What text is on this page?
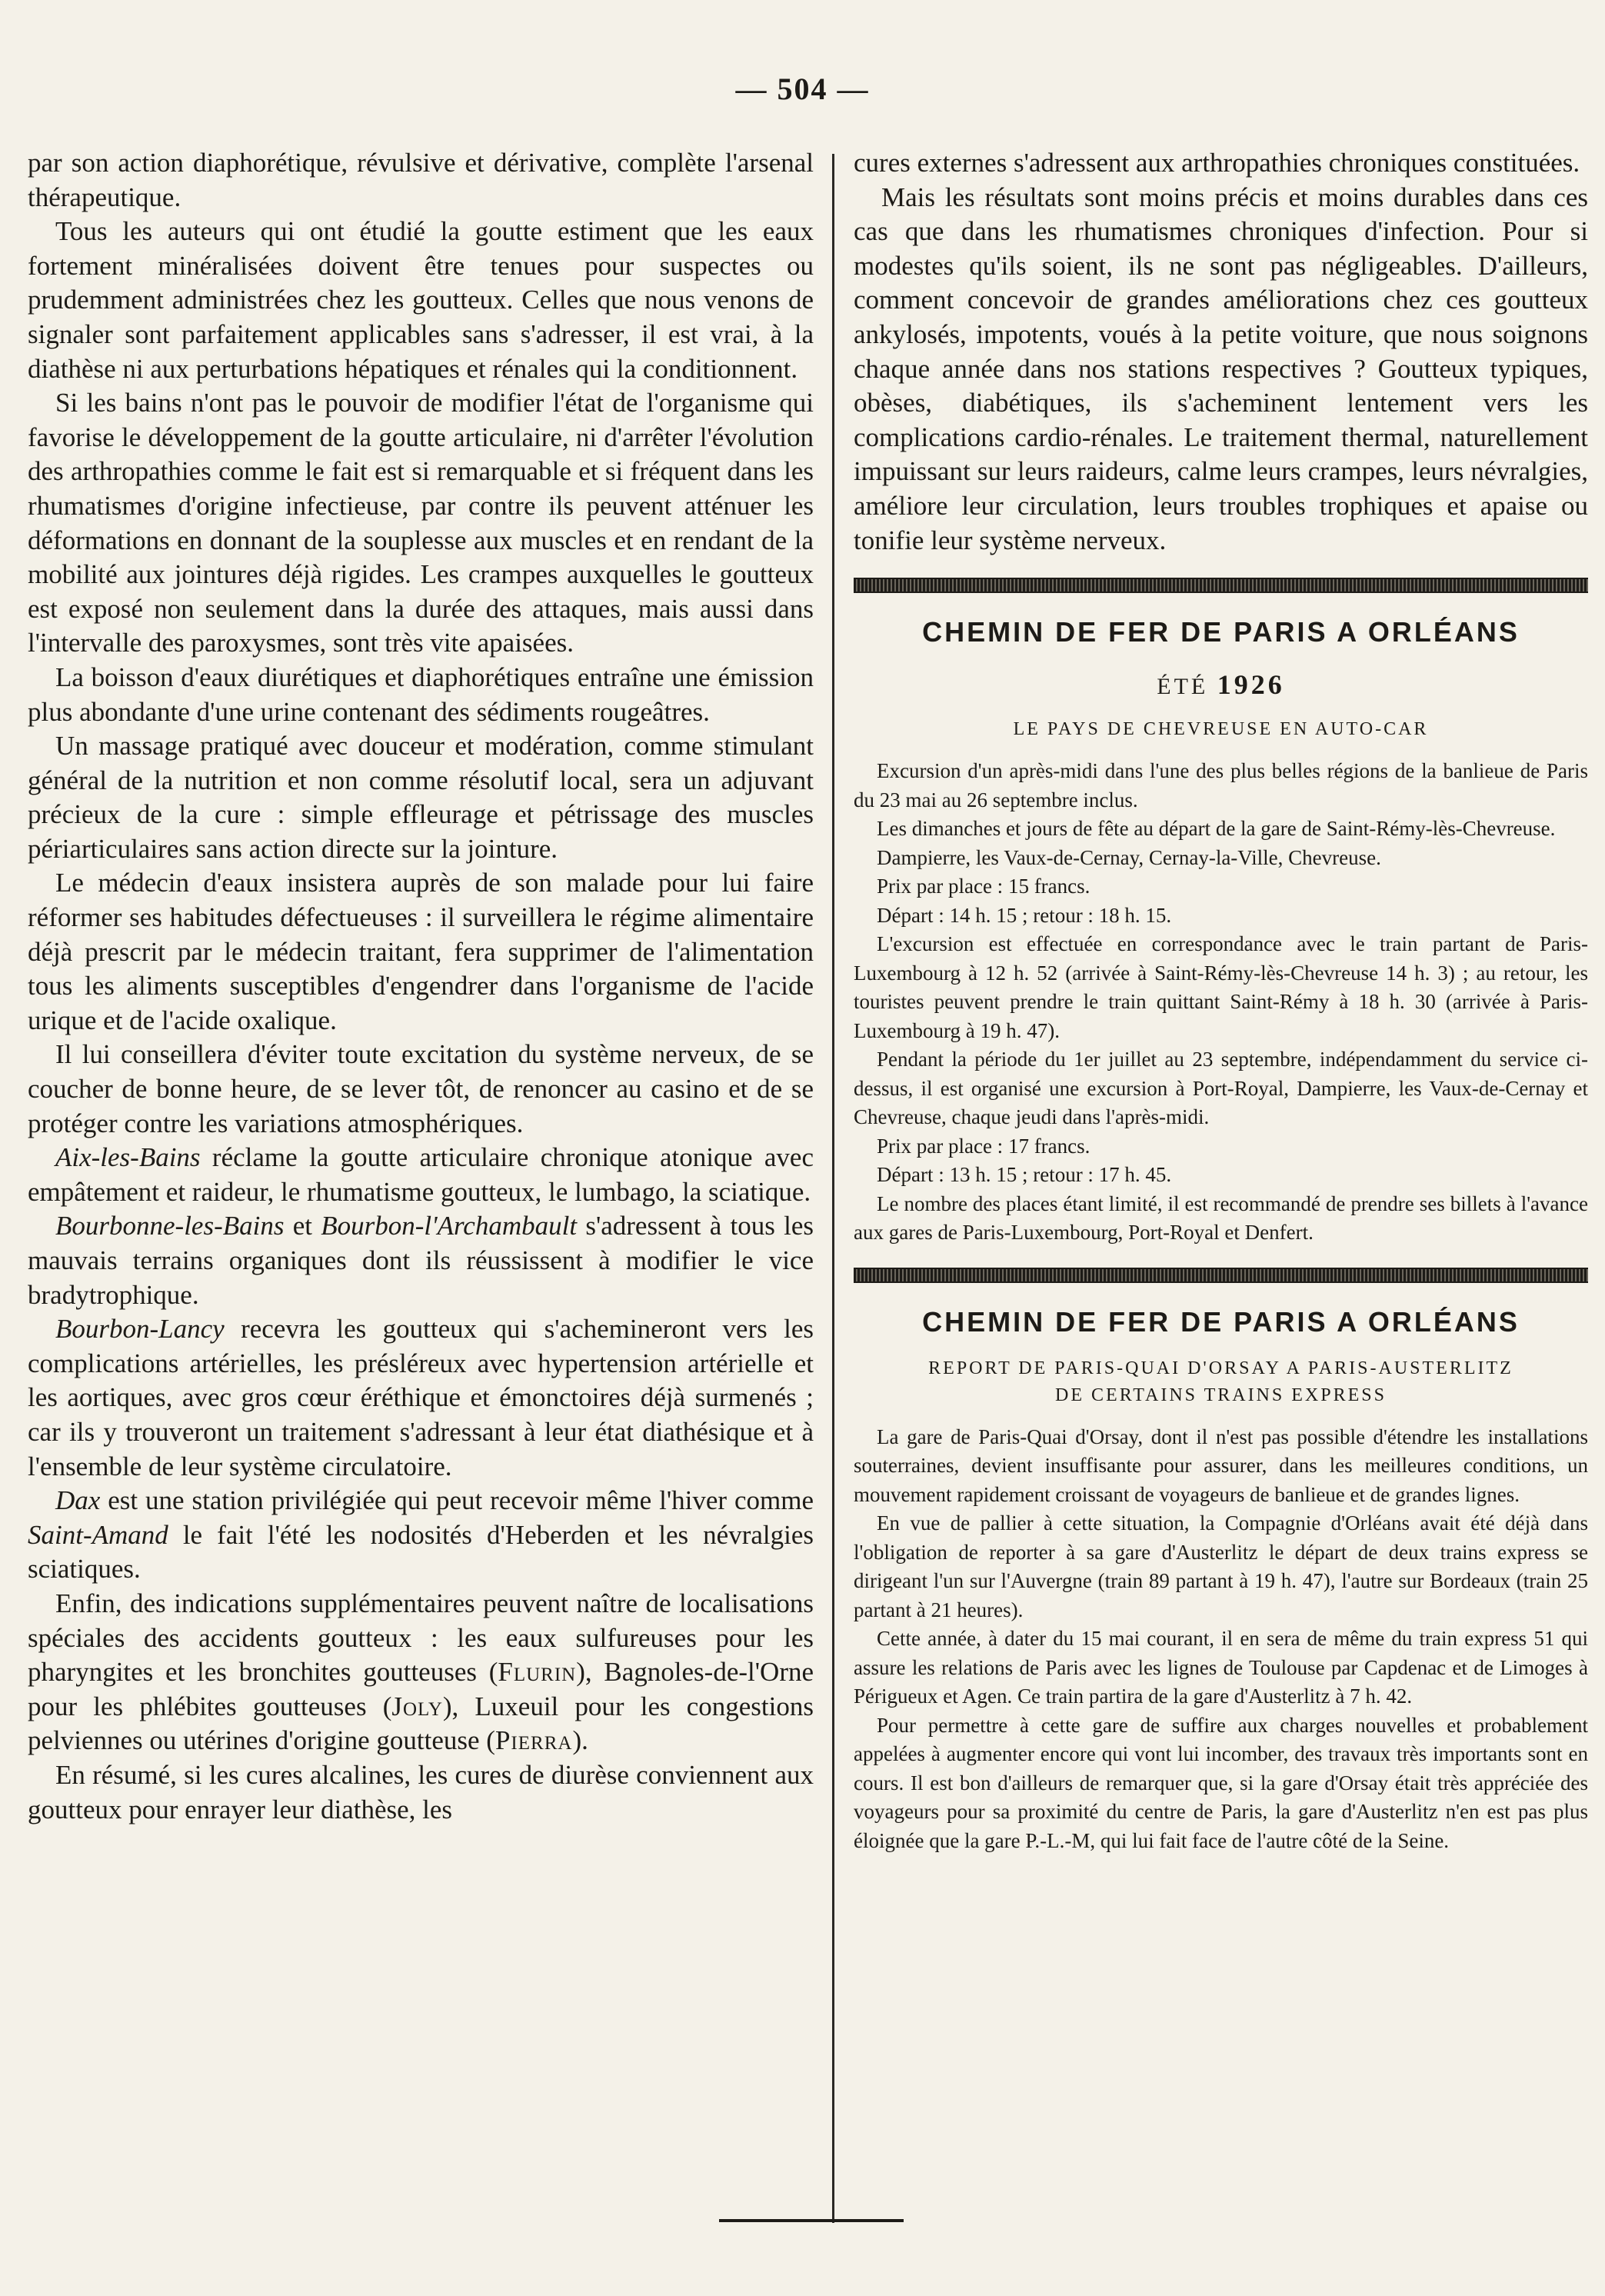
— 504 —

par son action diaphorétique, révulsive et dérivative, complète l'arsenal thérapeutique.

Tous les auteurs qui ont étudié la goutte estiment que les eaux fortement minéralisées doivent être tenues pour suspectes ou prudemment administrées chez les goutteux. Celles que nous venons de signaler sont parfaitement applicables sans s'adresser, il est vrai, à la diathèse ni aux perturbations hépatiques et rénales qui la conditionnent.

Si les bains n'ont pas le pouvoir de modifier l'état de l'organisme qui favorise le développement de la goutte articulaire, ni d'arrêter l'évolution des arthropathies comme le fait est si remarquable et si fréquent dans les rhumatismes d'origine infectieuse, par contre ils peuvent atténuer les déformations en donnant de la souplesse aux muscles et en rendant de la mobilité aux jointures déjà rigides. Les crampes auxquelles le goutteux est exposé non seulement dans la durée des attaques, mais aussi dans l'intervalle des paroxysmes, sont très vite apaisées.

La boisson d'eaux diurétiques et diaphorétiques entraîne une émission plus abondante d'une urine contenant des sédiments rougeâtres.

Un massage pratiqué avec douceur et modération, comme stimulant général de la nutrition et non comme résolutif local, sera un adjuvant précieux de la cure : simple effleurage et pétrissage des muscles périarticulaires sans action directe sur la jointure.

Le médecin d'eaux insistera auprès de son malade pour lui faire réformer ses habitudes défectueuses : il surveillera le régime alimentaire déjà prescrit par le médecin traitant, fera supprimer de l'alimentation tous les aliments susceptibles d'engendrer dans l'organisme de l'acide urique et de l'acide oxalique.

Il lui conseillera d'éviter toute excitation du système nerveux, de se coucher de bonne heure, de se lever tôt, de renoncer au casino et de se protéger contre les variations atmosphériques.

Aix-les-Bains réclame la goutte articulaire chronique atonique avec empâtement et raideur, le rhumatisme goutteux, le lumbago, la sciatique.

Bourbonne-les-Bains et Bourbon-l'Archambault s'adressent à tous les mauvais terrains organiques dont ils réussissent à modifier le vice bradytrophique.

Bourbon-Lancy recevra les goutteux qui s'achemineront vers les complications artérielles, les présléreux avec hypertension artérielle et les aortiques, avec gros cœur éréthique et émonctoires déjà surmenés ; car ils y trouveront un traitement s'adressant à leur état diathésique et à l'ensemble de leur système circulatoire.

Dax est une station privilégiée qui peut recevoir même l'hiver comme Saint-Amand le fait l'été les nodosités d'Heberden et les névralgies sciatiques.

Enfin, des indications supplémentaires peuvent naître de localisations spéciales des accidents goutteux : les eaux sulfureuses pour les pharyngites et les bronchites goutteuses (Flurin), Bagnoles-de-l'Orne pour les phlébites goutteuses (Joly), Luxeuil pour les congestions pelviennes ou utérines d'origine goutteuse (Pierra).

En résumé, si les cures alcalines, les cures de diurèse conviennent aux goutteux pour enrayer leur diathèse, les

cures externes s'adressent aux arthropathies chroniques constituées.

Mais les résultats sont moins précis et moins durables dans ces cas que dans les rhumatismes chroniques d'infection. Pour si modestes qu'ils soient, ils ne sont pas négligeables. D'ailleurs, comment concevoir de grandes améliorations chez ces goutteux ankylosés, impotents, voués à la petite voiture, que nous soignons chaque année dans nos stations respectives ? Goutteux typiques, obèses, diabétiques, ils s'acheminent lentement vers les complications cardio-rénales. Le traitement thermal, naturellement impuissant sur leurs raideurs, calme leurs crampes, leurs névralgies, améliore leur circulation, leurs troubles trophiques et apaise ou tonifie leur système nerveux.

CHEMIN DE FER DE PARIS A ORLÉANS
ÉTÉ 1926
LE PAYS DE CHEVREUSE EN AUTO-CAR

Excursion d'un après-midi dans l'une des plus belles régions de la banlieue de Paris du 23 mai au 26 septembre inclus.

Les dimanches et jours de fête au départ de la gare de Saint-Rémy-lès-Chevreuse.

Dampierre, les Vaux-de-Cernay, Cernay-la-Ville, Chevreuse.

Prix par place : 15 francs.

Départ : 14 h. 15 ; retour : 18 h. 15.

L'excursion est effectuée en correspondance avec le train partant de Paris-Luxembourg à 12 h. 52 (arrivée à Saint-Rémy-lès-Chevreuse 14 h. 3) ; au retour, les touristes peuvent prendre le train quittant Saint-Rémy à 18 h. 30 (arrivée à Paris-Luxembourg à 19 h. 47).

Pendant la période du 1er juillet au 23 septembre, indépendamment du service ci-dessus, il est organisé une excursion à Port-Royal, Dampierre, les Vaux-de-Cernay et Chevreuse, chaque jeudi dans l'après-midi.

Prix par place : 17 francs.

Départ : 13 h. 15 ; retour : 17 h. 45.

Le nombre des places étant limité, il est recommandé de prendre ses billets à l'avance aux gares de Paris-Luxembourg, Port-Royal et Denfert.

CHEMIN DE FER DE PARIS A ORLÉANS
REPORT DE PARIS-QUAI D'ORSAY A PARIS-AUSTERLITZ
DE CERTAINS TRAINS EXPRESS

La gare de Paris-Quai d'Orsay, dont il n'est pas possible d'étendre les installations souterraines, devient insuffisante pour assurer, dans les meilleures conditions, un mouvement rapidement croissant de voyageurs de banlieue et de grandes lignes.

En vue de pallier à cette situation, la Compagnie d'Orléans avait été déjà dans l'obligation de reporter à sa gare d'Austerlitz le départ de deux trains express se dirigeant l'un sur l'Auvergne (train 89 partant à 19 h. 47), l'autre sur Bordeaux (train 25 partant à 21 heures).

Cette année, à dater du 15 mai courant, il en sera de même du train express 51 qui assure les relations de Paris avec les lignes de Toulouse par Capdenac et de Limoges à Périgueux et Agen. Ce train partira de la gare d'Austerlitz à 7 h. 42.

Pour permettre à cette gare de suffire aux charges nouvelles et probablement appelées à augmenter encore qui vont lui incomber, des travaux très importants sont en cours. Il est bon d'ailleurs de remarquer que, si la gare d'Orsay était très appréciée des voyageurs pour sa proximité du centre de Paris, la gare d'Austerlitz n'en est pas plus éloignée que la gare P.-L.-M, qui lui fait face de l'autre côté de la Seine.
